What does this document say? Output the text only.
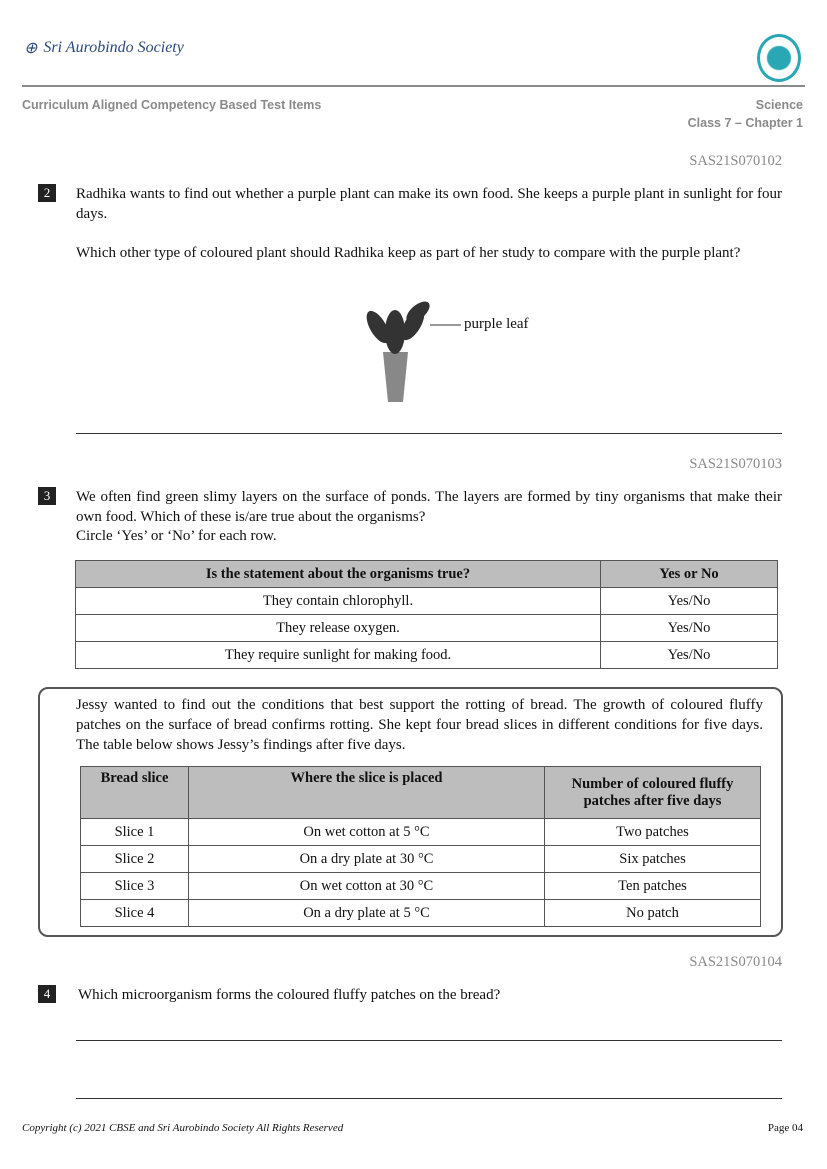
⊕ Sri Aurobindo Society
Curriculum Aligned Competency Based Test Items	Science
Class 7 – Chapter 1
SAS21S070102
2	Radhika wants to find out whether a purple plant can make its own food. She keeps a purple plant in sunlight for four days.
Which other type of coloured plant should Radhika keep as part of her study to compare with the purple plant?
purple leaf
SAS21S070103
3	We often find green slimy layers on the surface of ponds. The layers are formed by tiny organisms that make their own food. Which of these is/are true about the organisms?
Circle ‘Yes’ or ‘No’ for each row.
Is the statement about the organisms true?	Yes or No
They contain chlorophyll.	Yes/No
They release oxygen.	Yes/No
They require sunlight for making food.	Yes/No
Jessy wanted to find out the conditions that best support the rotting of bread. The growth of coloured fluffy patches on the surface of bread confirms rotting. She kept four bread slices in different conditions for five days. The table below shows Jessy’s findings after five days.
Bread slice	Where the slice is placed	Number of coloured fluffy patches after five days
Slice 1	On wet cotton at 5 °C	Two patches
Slice 2	On a dry plate at 30 °C	Six patches
Slice 3	On wet cotton at 30 °C	Ten patches
Slice 4	On a dry plate at 5 °C	No patch
SAS21S070104
4	Which microorganism forms the coloured fluffy patches on the bread?
Copyright (c) 2021 CBSE and Sri Aurobindo Society All Rights Reserved	Page 04
